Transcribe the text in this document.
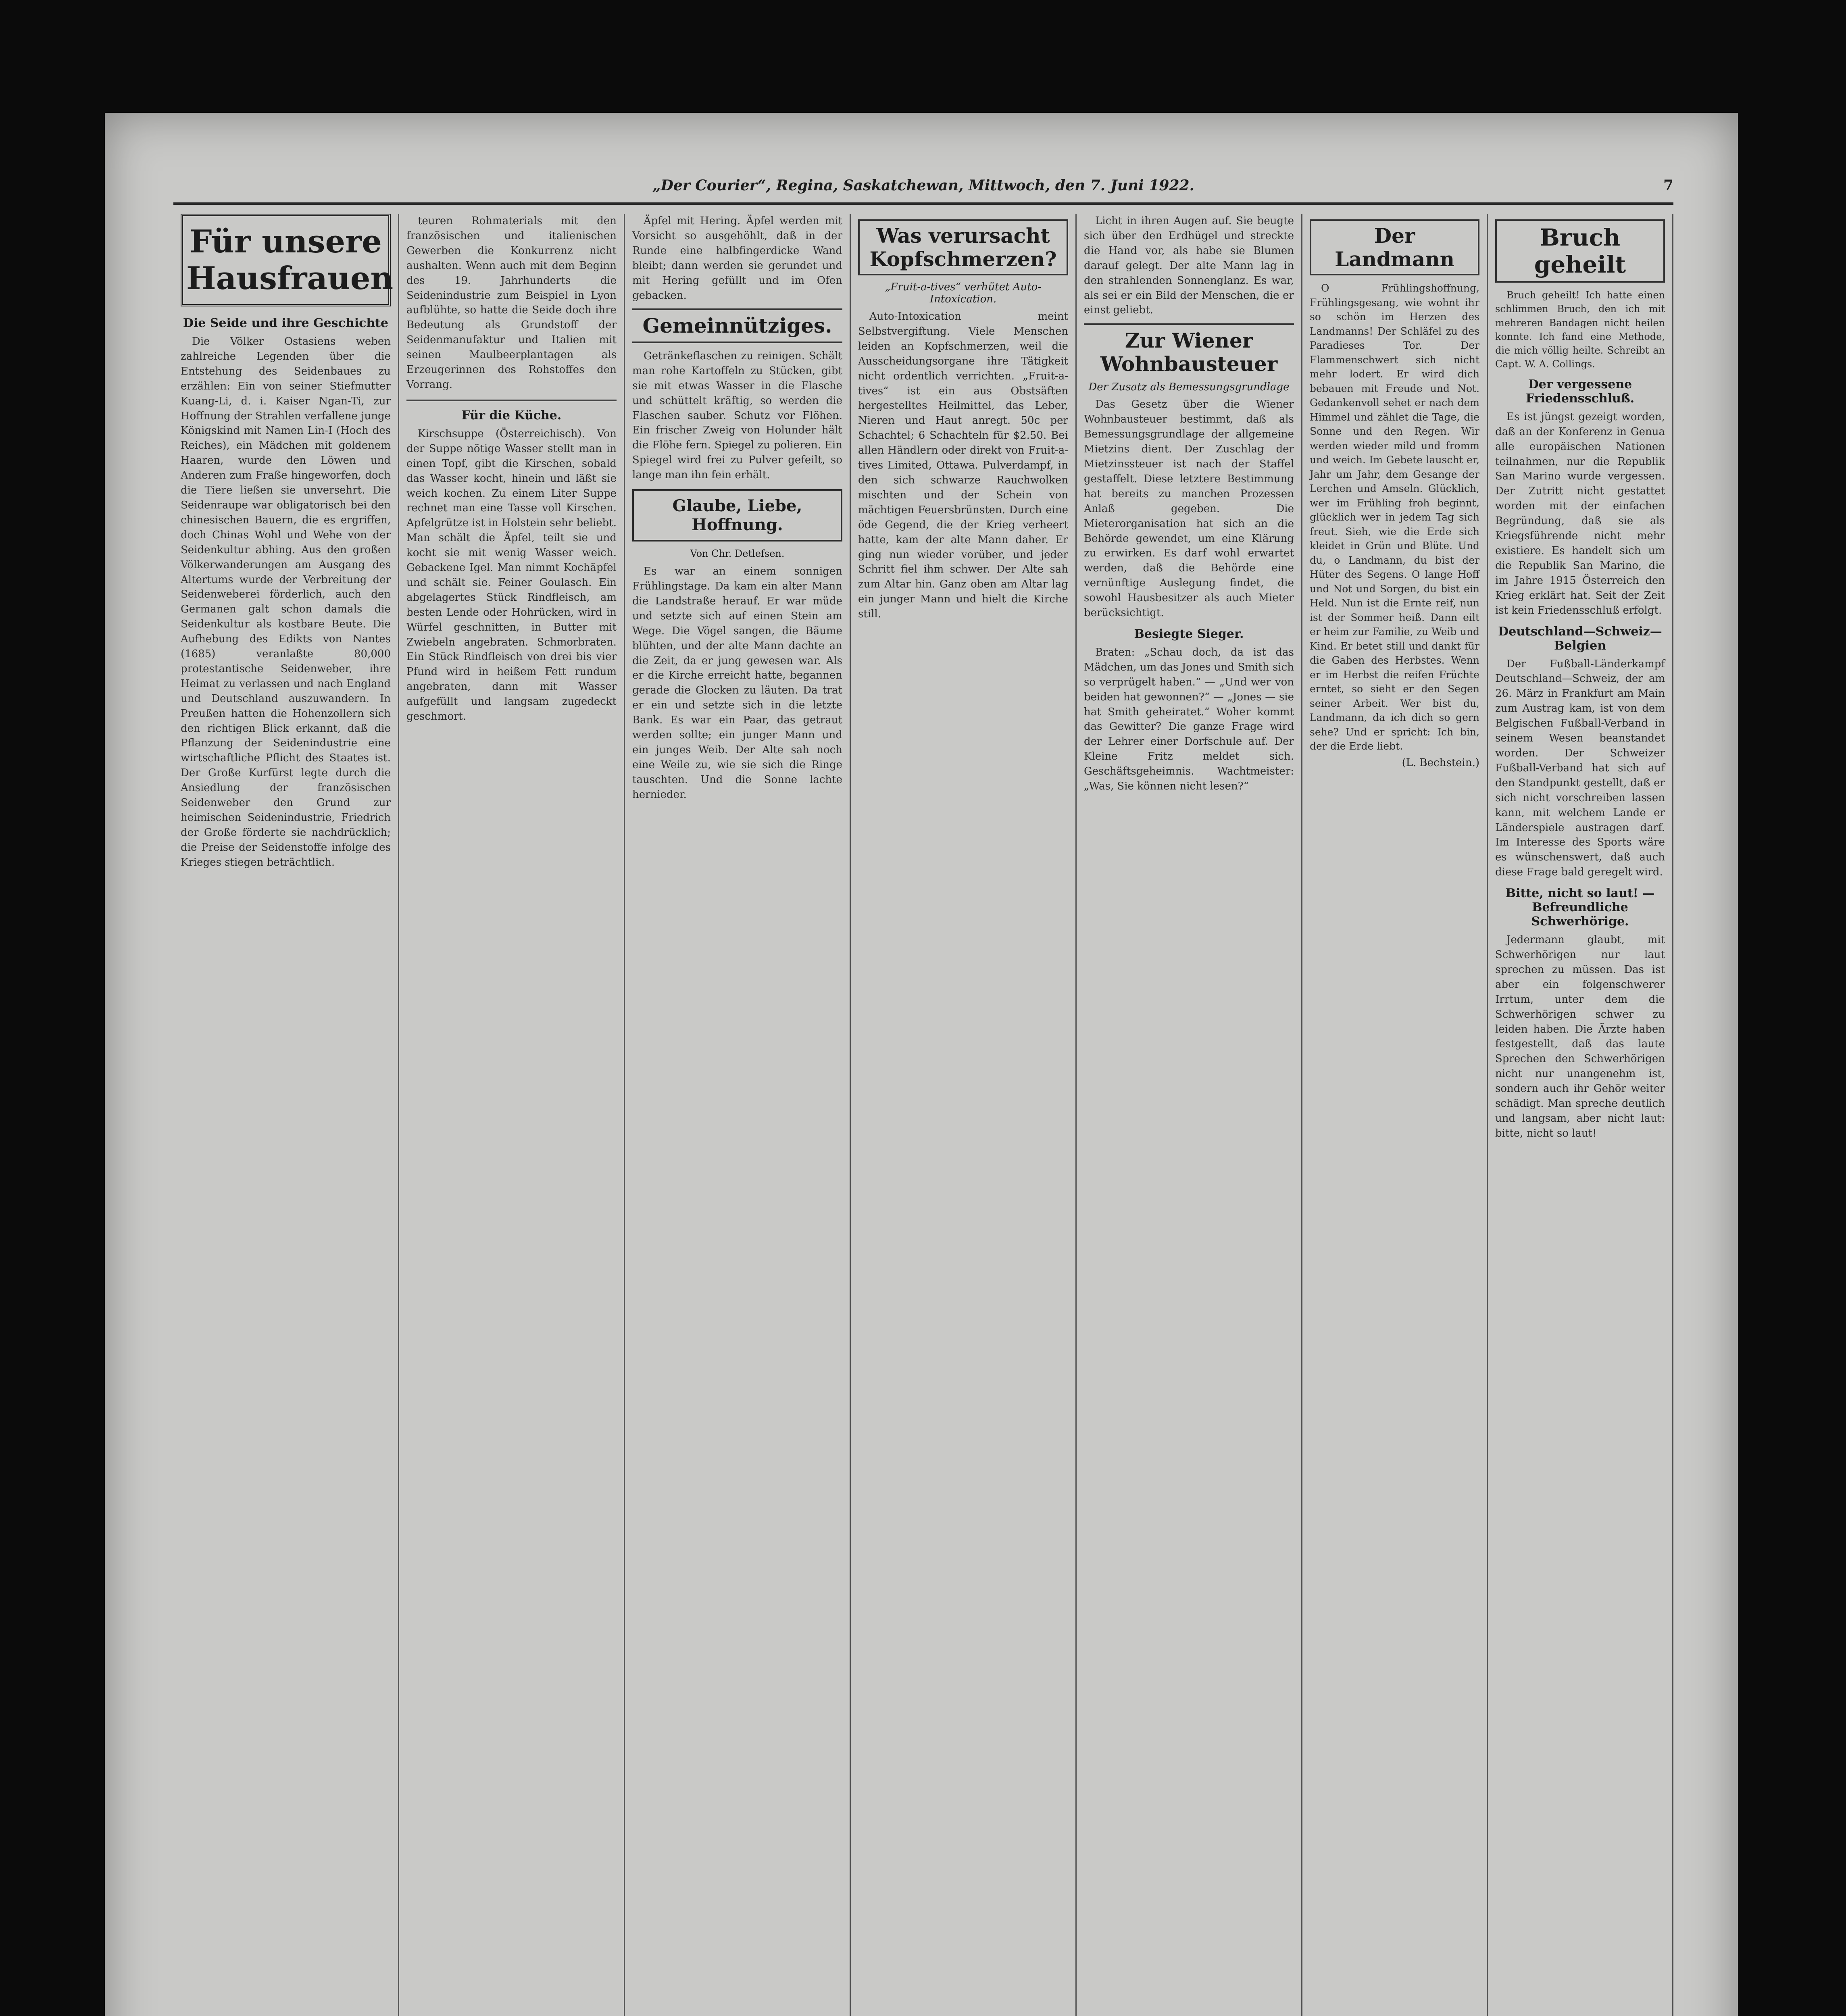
„Der Courier“, Regina, Saskatchewan, Mittwoch, den 7. Juni 1922.	7
Für unsere Hausfrauen
Die Seide und ihre Geschichte

Die Völker Ostasiens weben zahlreiche Legenden über die Entstehung des Seidenbaues zu erzählen: Ein von seiner Stiefmutter Kuang-Li, d. i. Kaiser Ngan-Ti, zur Hoffnung der Strahlen verfallene junge Königskind mit Namen Lin-I (Hoch des Reiches), ein Mädchen mit goldenem Haaren, wurde den Löwen und Anderen zum Fraße hingeworfen, doch die Tiere ließen sie unversehrt. Die Seidenraupe war obligatorisch bei den chinesischen Bauern, die es ergriffen, doch Chinas Wohl und Wehe von der Seidenkultur abhing. Aus den großen Völkerwanderungen am Ausgang des Altertums wurde der Verbreitung der Seidenweberei förderlich, auch den Germanen galt schon damals die Seidenkultur als kostbare Beute. Die Aufhebung des Edikts von Nantes (1685) veranlaßte 80,000 protestantische Seidenweber, ihre Heimat zu verlassen und nach England und Deutschland auszuwandern. In Preußen hatten die Hohenzollern sich den richtigen Blick erkannt, daß die Pflanzung der Seidenindustrie eine wirtschaftliche Pflicht des Staates ist. Der Große Kurfürst legte durch die Ansiedlung der französischen Seidenweber den Grund zur heimischen Seidenindustrie, Friedrich der Große förderte sie nachdrücklich; die Preise der Seidenstoffe infolge des Krieges stiegen beträchtlich.

teuren Rohmaterials mit den französischen und italienischen Gewerben die Konkurrenz nicht aushalten. Wenn auch mit dem Beginn des 19. Jahrhunderts die Seidenindustrie zum Beispiel in Lyon aufblühte, so hatte die Seide doch ihre Bedeutung als Grundstoff der Seidenmanufaktur und Italien mit seinen Maulbeerplantagen als Erzeugerinnen des Rohstoffes den Vorrang.

Für die Küche.

Kirschsuppe (Österreichisch). Von der Suppe nötige Wasser stellt man in einen Topf, gibt die Kirschen, sobald das Wasser kocht, hinein und läßt sie weich kochen. Zu einem Liter Suppe rechnet man eine Tasse voll Kirschen. Apfelgrütze ist in Holstein sehr beliebt. Man schält die Äpfel, teilt sie und kocht sie mit wenig Wasser weich. Gebackene Igel. Man nimmt Kochäpfel und schält sie. Feiner Goulasch. Ein abgelagertes Stück Rindfleisch, am besten Lende oder Hohrücken, wird in Würfel geschnitten, in Butter mit Zwiebeln angebraten. Schmorbraten. Ein Stück Rindfleisch von drei bis vier Pfund wird in heißem Fett rundum angebraten, dann mit Wasser aufgefüllt und langsam zugedeckt geschmort.

Äpfel mit Hering. Äpfel werden mit Vorsicht so ausgehöhlt, daß in der Runde eine halbfingerdicke Wand bleibt; dann werden sie gerundet und mit Hering gefüllt und im Ofen gebacken.

Gemeinnütziges.

Getränkeflaschen zu reinigen. Schält man rohe Kartoffeln zu Stücken, gibt sie mit etwas Wasser in die Flasche und schüttelt kräftig, so werden die Flaschen sauber. Schutz vor Flöhen. Ein frischer Zweig von Holunder hält die Flöhe fern. Spiegel zu polieren. Ein Spiegel wird frei zu Pulver gefeilt, so lange man ihn fein erhält.

Glaube, Liebe, Hoffnung.
Von Chr. Detlefsen.

Es war an einem sonnigen Frühlingstage. Da kam ein alter Mann die Landstraße herauf. Er war müde und setzte sich auf einen Stein am Wege. Die Vögel sangen, die Bäume blühten, und der alte Mann dachte an die Zeit, da er jung gewesen war. Als er die Kirche erreicht hatte, begannen gerade die Glocken zu läuten. Da trat er ein und setzte sich in die letzte Bank. Es war ein Paar, das getraut werden sollte; ein junger Mann und ein junges Weib. Der Alte sah noch eine Weile zu, wie sie sich die Ringe tauschten. Und die Sonne lachte hernieder.

Was verursacht Kopfschmerzen?
„Fruit-a-tives“ verhütet Auto-Intoxication.

Auto-Intoxication meint Selbstvergiftung. Viele Menschen leiden an Kopfschmerzen, weil die Ausscheidungsorgane ihre Tätigkeit nicht ordentlich verrichten. „Fruit-a-tives“ ist ein aus Obstsäften hergestelltes Heilmittel, das Leber, Nieren und Haut anregt. 50c per Schachtel; 6 Schachteln für $2.50. Bei allen Händlern oder direkt von Fruit-a-tives Limited, Ottawa. Pulverdampf, in den sich schwarze Rauchwolken mischten und der Schein von mächtigen Feuersbrünsten. Durch eine öde Gegend, die der Krieg verheert hatte, kam der alte Mann daher. Er ging nun wieder vorüber, und jeder Schritt fiel ihm schwer. Der Alte sah zum Altar hin. Ganz oben am Altar lag ein junger Mann und hielt die Kirche still.

Licht in ihren Augen auf. Sie beugte sich über den Erdhügel und streckte die Hand vor, als habe sie Blumen darauf gelegt. Der alte Mann lag in den strahlenden Sonnenglanz. Es war, als sei er ein Bild der Menschen, die er einst geliebt.

Zur Wiener Wohnbausteuer
Der Zusatz als Bemessungsgrundlage

Das Gesetz über die Wiener Wohnbausteuer bestimmt, daß als Bemessungsgrundlage der allgemeine Mietzins dient. Der Zuschlag der Mietzinssteuer ist nach der Staffel gestaffelt. Diese letztere Bestimmung hat bereits zu manchen Prozessen Anlaß gegeben. Die Mieterorganisation hat sich an die Behörde gewendet, um eine Klärung zu erwirken. Es darf wohl erwartet werden, daß die Behörde eine vernünftige Auslegung findet, die sowohl Hausbesitzer als auch Mieter berücksichtigt.

Besiegte Sieger.

Braten: „Schau doch, da ist das Mädchen, um das Jones und Smith sich so verprügelt haben.“ — „Und wer von beiden hat gewonnen?“ — „Jones — sie hat Smith geheiratet.“ Woher kommt das Gewitter? Die ganze Frage wird der Lehrer einer Dorfschule auf. Der Kleine Fritz meldet sich. Geschäftsgeheimnis. Wachtmeister: „Was, Sie können nicht lesen?“

Der Landmann

O Frühlingshoffnung, Frühlingsgesang, wie wohnt ihr so schön im Herzen des Landmanns! Der Schläfel zu des Paradieses Tor. Der Flammenschwert sich nicht mehr lodert. Er wird dich bebauen mit Freude und Not. Gedankenvoll sehet er nach dem Himmel und zählet die Tage, die Sonne und den Regen. Wir werden wieder mild und fromm und weich. Im Gebete lauscht er, Jahr um Jahr, dem Gesange der Lerchen und Amseln. Glücklich, wer im Frühling froh beginnt, glücklich wer in jedem Tag sich freut. Sieh, wie die Erde sich kleidet in Grün und Blüte. Und du, o Landmann, du bist der Hüter des Segens. O lange Hoff und Not und Sorgen, du bist ein Held. Nun ist die Ernte reif, nun ist der Sommer heiß. Dann eilt er heim zur Familie, zu Weib und Kind. Er betet still und dankt für die Gaben des Herbstes. Wenn er im Herbst die reifen Früchte erntet, so sieht er den Segen seiner Arbeit. Wer bist du, Landmann, da ich dich so gern sehe? Und er spricht: Ich bin, der die Erde liebt.

(L. Bechstein.)
Bruch geheilt

Bruch geheilt! Ich hatte einen schlimmen Bruch, den ich mit mehreren Bandagen nicht heilen konnte. Ich fand eine Methode, die mich völlig heilte. Schreibt an Capt. W. A. Collings.

Der vergessene Friedensschluß.

Es ist jüngst gezeigt worden, daß an der Konferenz in Genua alle europäischen Nationen teilnahmen, nur die Republik San Marino wurde vergessen. Der Zutritt nicht gestattet worden mit der einfachen Begründung, daß sie als Kriegsführende nicht mehr existiere. Es handelt sich um die Republik San Marino, die im Jahre 1915 Österreich den Krieg erklärt hat. Seit der Zeit ist kein Friedensschluß erfolgt.

Deutschland—Schweiz—Belgien

Der Fußball-Länderkampf Deutschland—Schweiz, der am 26. März in Frankfurt am Main zum Austrag kam, ist von dem Belgischen Fußball-Verband in seinem Wesen beanstandet worden. Der Schweizer Fußball-Verband hat sich auf den Standpunkt gestellt, daß er sich nicht vorschreiben lassen kann, mit welchem Lande er Länderspiele austragen darf. Im Interesse des Sports wäre es wünschenswert, daß auch diese Frage bald geregelt wird.

Bitte, nicht so laut! — Befreundliche Schwerhörige.

Jedermann glaubt, mit Schwerhörigen nur laut sprechen zu müssen. Das ist aber ein folgenschwerer Irrtum, unter dem die Schwerhörigen schwer zu leiden haben. Die Ärzte haben festgestellt, daß das laute Sprechen den Schwerhörigen nicht nur unangenehm ist, sondern auch ihr Gehör weiter schädigt. Man spreche deutlich und langsam, aber nicht laut: bitte, nicht so laut!
